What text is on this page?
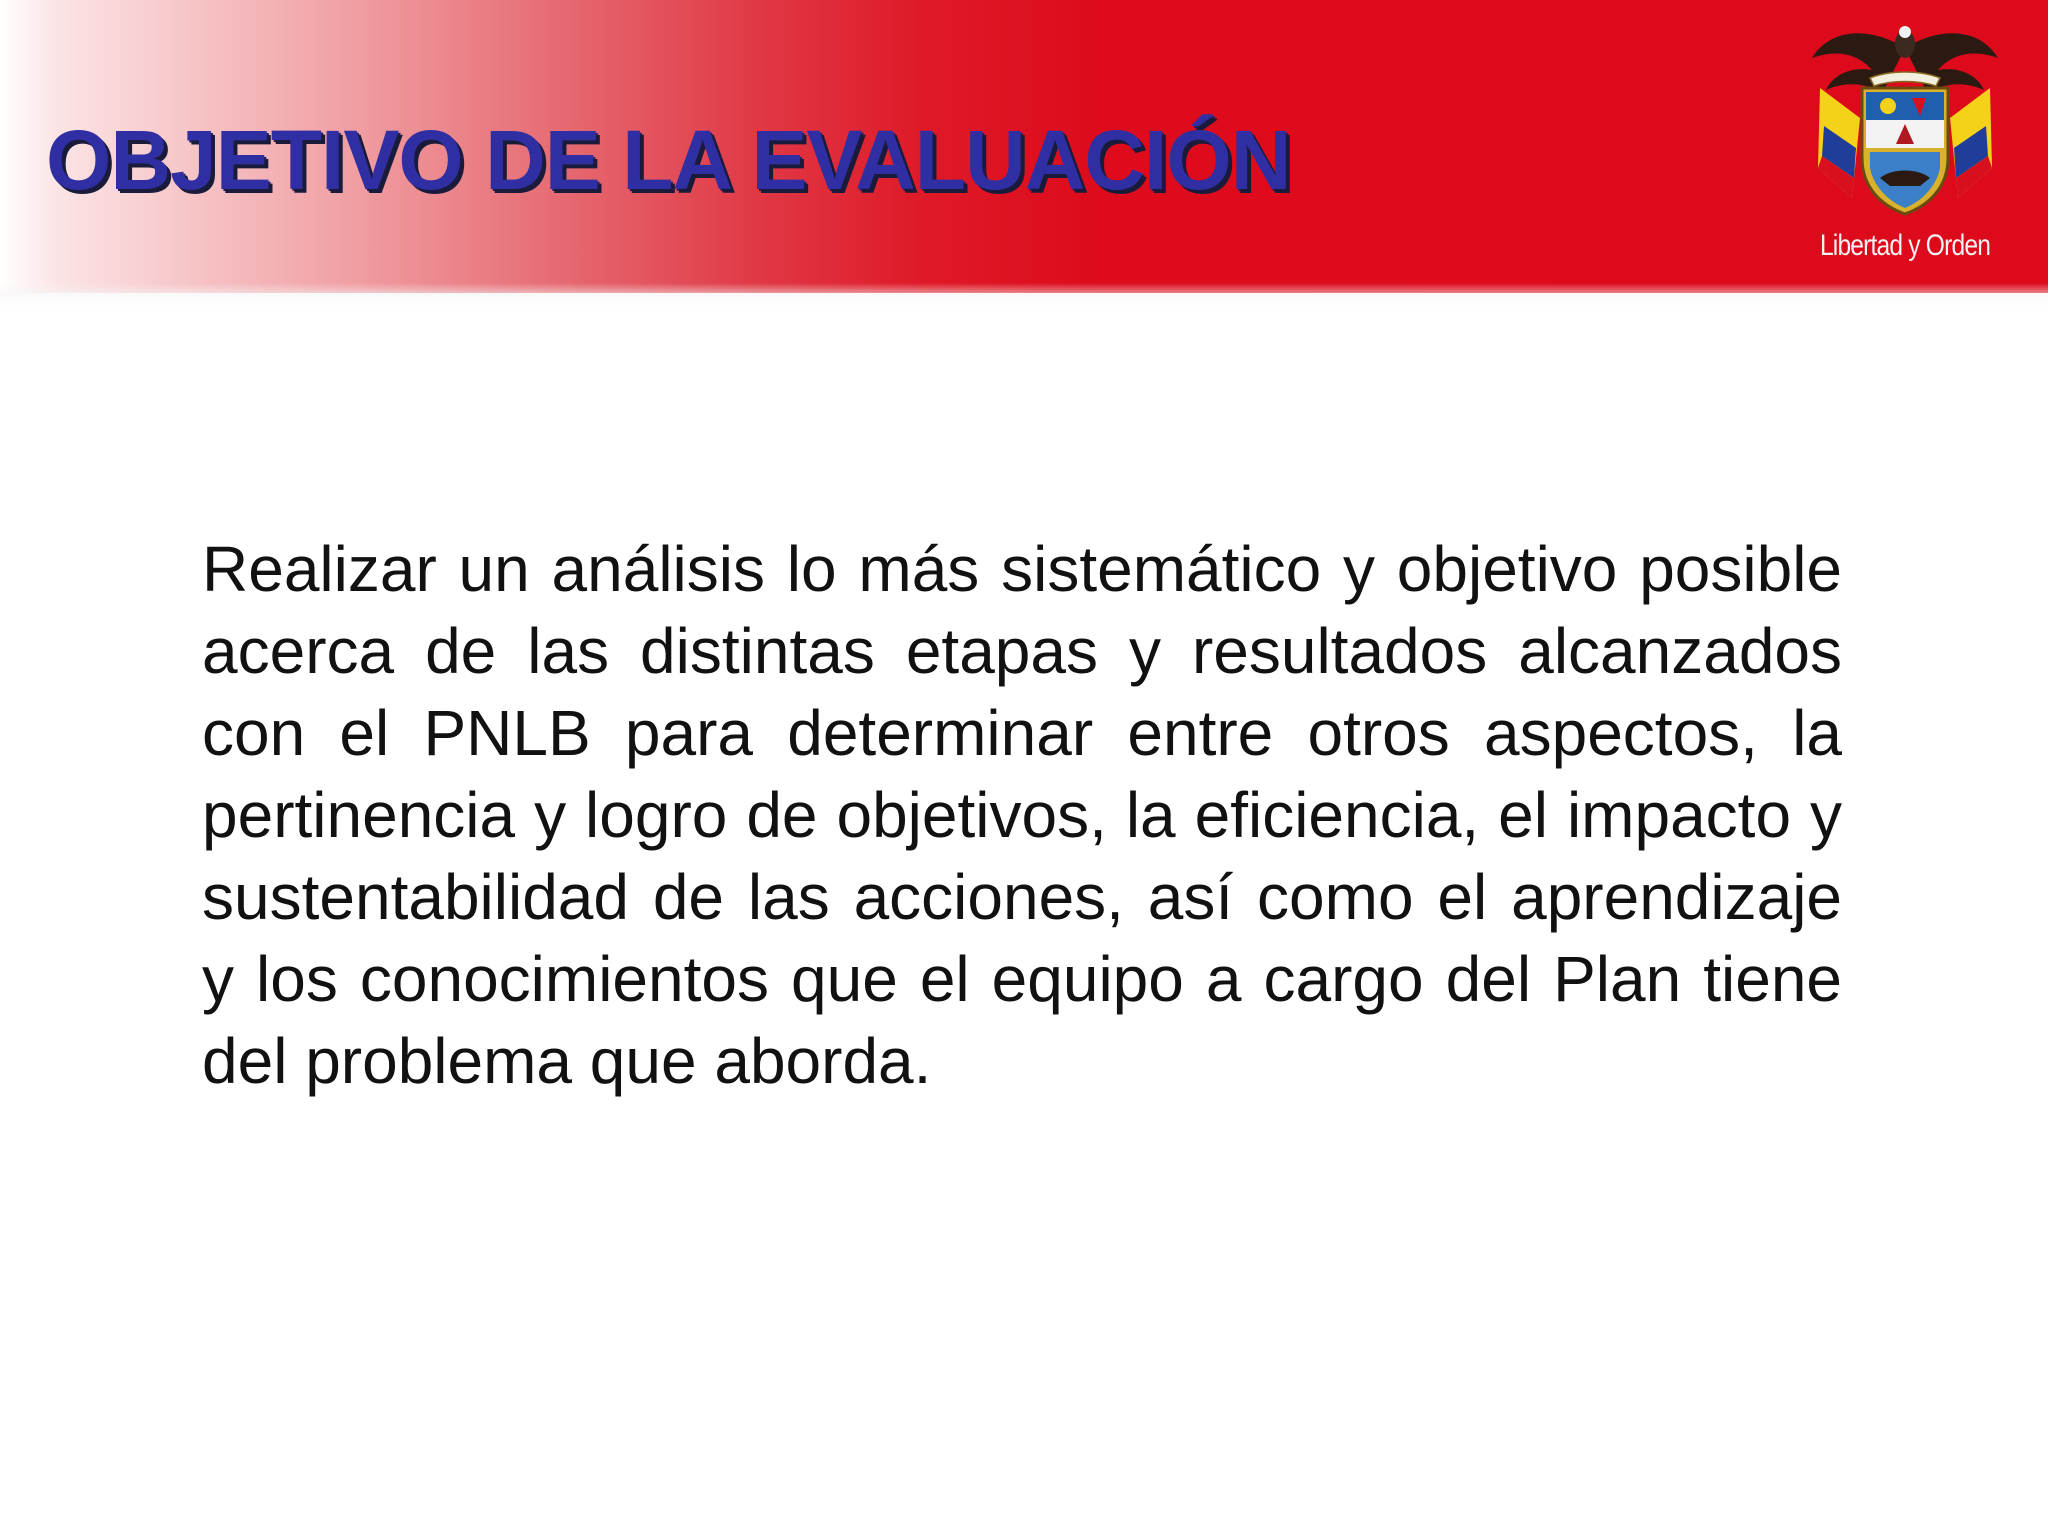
OBJETIVO DE LA EVALUACIÓN
Libertad y Orden

Realizar un análisis lo más sistemático y objetivo posible acerca de las distintas etapas y resultados alcanzados con el PNLB para determinar entre otros aspectos, la pertinencia y logro de objetivos, la eficiencia, el impacto y sustentabilidad de las acciones, así como el aprendizaje y los conocimientos que el equipo a cargo del Plan tiene del problema que aborda.
